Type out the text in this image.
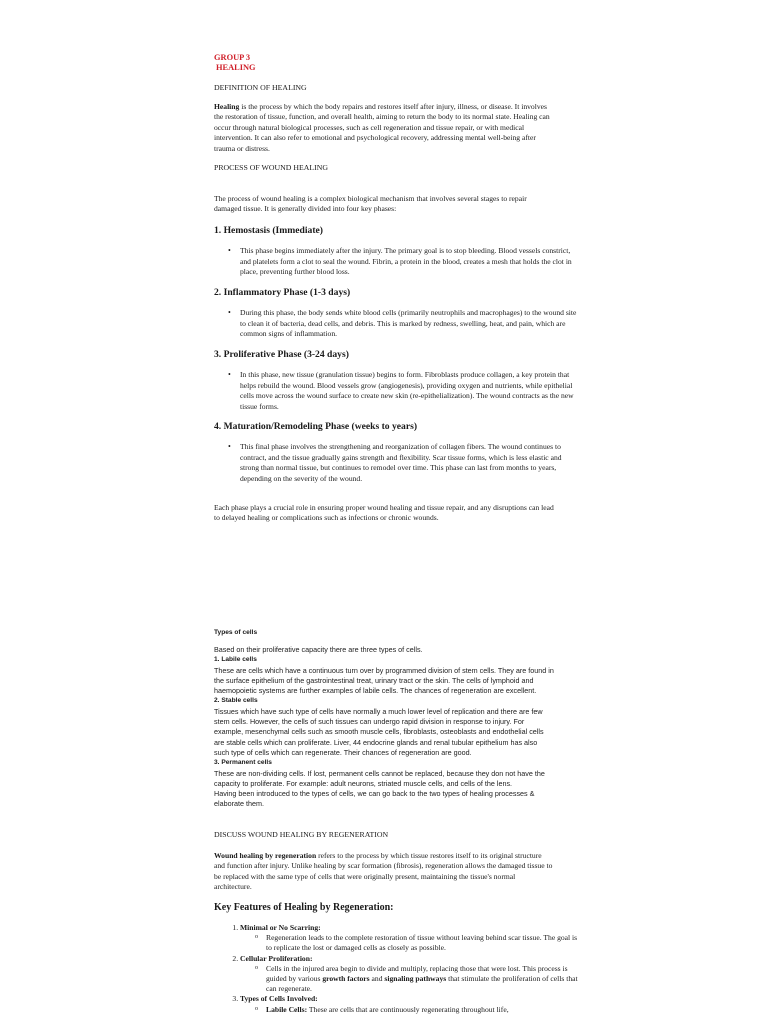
GROUP 3

HEALING

DEFINITION OF HEALING

Healing is the process by which the body repairs and restores itself after injury, illness, or disease. It involves the restoration of tissue, function, and overall health, aiming to return the body to its normal state. Healing can occur through natural biological processes, such as cell regeneration and tissue repair, or with medical intervention. It can also refer to emotional and psychological recovery, addressing mental well-being after trauma or distress.

PROCESS OF WOUND HEALING

The process of wound healing is a complex biological mechanism that involves several stages to repair damaged tissue. It is generally divided into four key phases:

1. Hemostasis (Immediate)
• This phase begins immediately after the injury. The primary goal is to stop bleeding. Blood vessels constrict, and platelets form a clot to seal the wound. Fibrin, a protein in the blood, creates a mesh that holds the clot in place, preventing further blood loss.
2. Inflammatory Phase (1-3 days)
• During this phase, the body sends white blood cells (primarily neutrophils and macrophages) to the wound site to clean it of bacteria, dead cells, and debris. This is marked by redness, swelling, heat, and pain, which are common signs of inflammation.
3. Proliferative Phase (3-24 days)
• In this phase, new tissue (granulation tissue) begins to form. Fibroblasts produce collagen, a key protein that helps rebuild the wound. Blood vessels grow (angiogenesis), providing oxygen and nutrients, while epithelial cells move across the wound surface to create new skin (re-epithelialization). The wound contracts as the new tissue forms.
4. Maturation/Remodeling Phase (weeks to years)
• This final phase involves the strengthening and reorganization of collagen fibers. The wound continues to contract, and the tissue gradually gains strength and flexibility. Scar tissue forms, which is less elastic and strong than normal tissue, but continues to remodel over time. This phase can last from months to years, depending on the severity of the wound.

Each phase plays a crucial role in ensuring proper wound healing and tissue repair, and any disruptions can lead to delayed healing or complications such as infections or chronic wounds.

Types of cells

Based on their proliferative capacity there are three types of cells.

1. Labile cells

These are cells which have a continuous turn over by programmed division of stem cells. They are found in the surface epithelium of the gastrointestinal treat, urinary tract or the skin. The cells of lymphoid and haemopoietic systems are further examples of labile cells. The chances of regeneration are excellent.

2. Stable cells

Tissues which have such type of cells have normally a much lower level of replication and there are few stem cells. However, the cells of such tissues can undergo rapid division in response to injury. For example, mesenchymal cells such as smooth muscle cells, fibroblasts, osteoblasts and endothelial cells are stable cells which can proliferate. Liver, 44 endocrine glands and renal tubular epithelium has also such type of cells which can regenerate. Their chances of regeneration are good.

3. Permanent cells

These are non-dividing cells. If lost, permanent cells cannot be replaced, because they don not have the capacity to proliferate. For example: adult neurons, striated muscle cells, and cells of the lens.

Having been introduced to the types of cells, we can go back to the two types of healing processes & elaborate them.

DISCUSS WOUND HEALING BY REGENERATION

Wound healing by regeneration refers to the process by which tissue restores itself to its original structure and function after injury. Unlike healing by scar formation (fibrosis), regeneration allows the damaged tissue to be replaced with the same type of cells that were originally present, maintaining the tissue's normal architecture.

Key Features of Healing by Regeneration:
1. Minimal or No Scarring:
o Regeneration leads to the complete restoration of tissue without leaving behind scar tissue. The goal is to replicate the lost or damaged cells as closely as possible.
2. Cellular Proliferation:
o Cells in the injured area begin to divide and multiply, replacing those that were lost. This process is guided by various growth factors and signaling pathways that stimulate the proliferation of cells that can regenerate.
3. Types of Cells Involved:
o Labile Cells: These are cells that are continuously regenerating throughout life,
